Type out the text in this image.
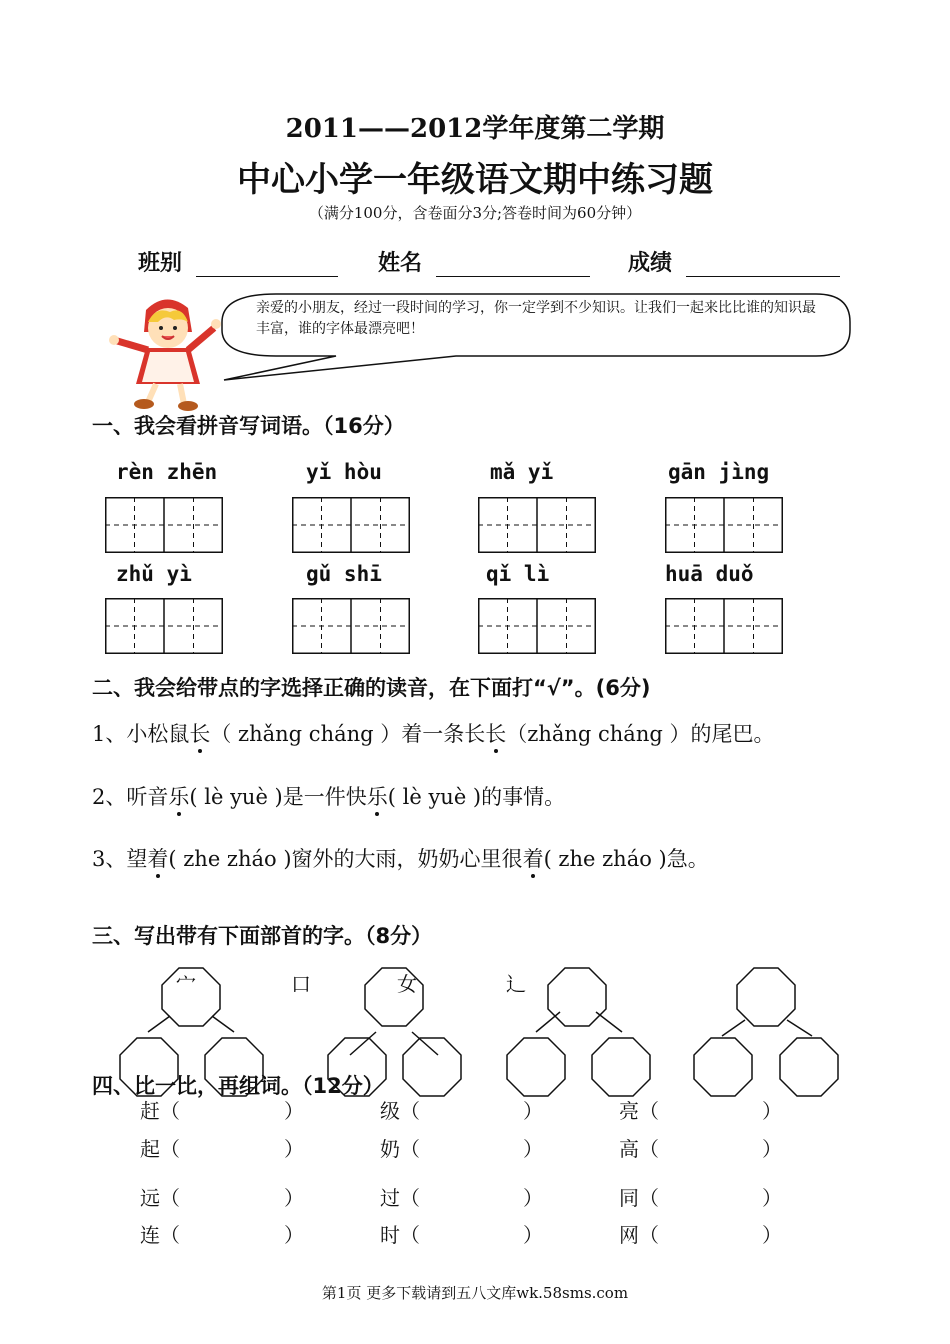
2011——2012学年度第二学期
中心小学一年级语文期中练习题
（满分100分，含卷面分3分;答卷时间为60分钟）
班别	姓名	成绩
亲爱的小朋友，经过一段时间的学习，你一定学到不少知识。让我们一起来比比谁的知识最丰富，谁的字体最漂亮吧！
一、我会看拼音写词语。（16分）
rèn zhēn	yǐ hòu	mǎ yǐ	gān jìng
zhǔ yì	gǔ shī	qǐ lì	huā duǒ
二、我会给带点的字选择正确的读音，在下面打“√”。(6分)
1、小松鼠长（ zhǎng cháng ）着一条长长（zhǎng cháng ）的尾巴。
2、听音乐( lè yuè )是一件快乐( lè yuè )的事情。
3、望着( zhe zháo )窗外的大雨，奶奶心里很着( zhe zháo )急。
三、写出带有下面部首的字。（8分）
宀	口	女	辶
四、比一比，再组词。（12分）
赶（	）	级（	）	亮（	）
起（	）	奶（	）	高（	）
远（	）	过（	）	同（	）
连（	）	时（	）	网（	）
第1页 更多下载请到五八文库wk.58sms.com
